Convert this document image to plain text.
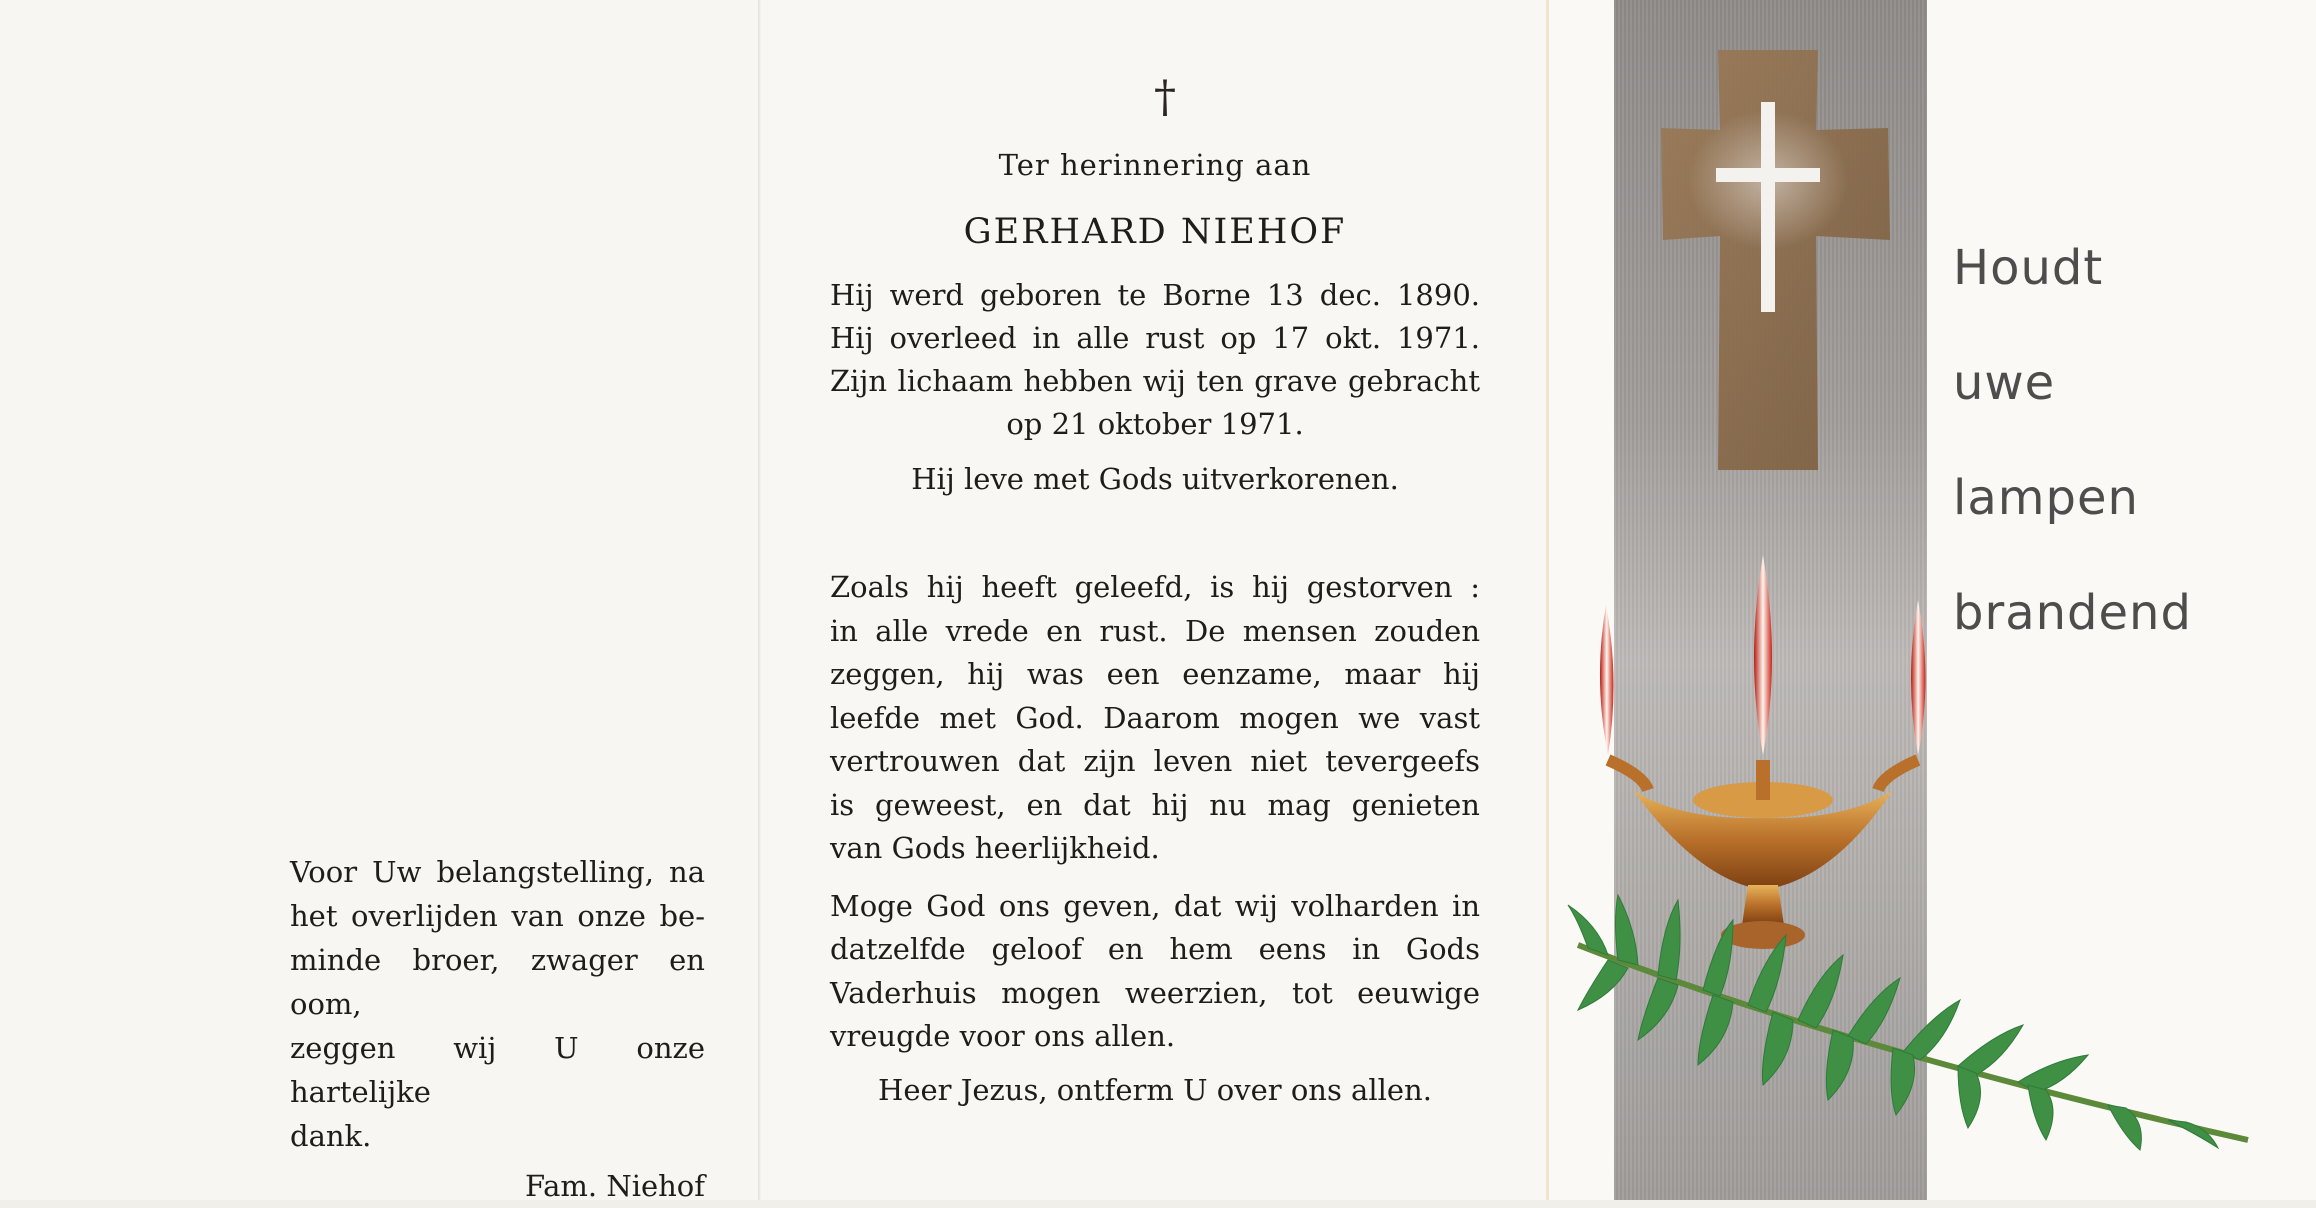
Voor Uw belangstelling, na
het overlijden van onze be-
minde broer, zwager en oom,
zeggen wij U onze hartelijke
dank.
Fam. Niehof
†
Ter herinnering aan
GERHARD NIEHOF
Hij werd geboren te Borne 13 dec. 1890.
Hij overleed in alle rust op 17 okt. 1971.
Zijn lichaam hebben wij ten grave gebracht
op 21 oktober 1971.
Hij leve met Gods uitverkorenen.
Zoals hij heeft geleefd, is hij gestorven :
in alle vrede en rust. De mensen zouden
zeggen, hij was een eenzame, maar hij
leefde met God. Daarom mogen we vast
vertrouwen dat zijn leven niet tevergeefs
is geweest, en dat hij nu mag genieten
van Gods heerlijkheid.
Moge God ons geven, dat wij volharden in
datzelfde geloof en hem eens in Gods
Vaderhuis mogen weerzien, tot eeuwige
vreugde voor ons allen.
Heer Jezus, ontferm U over ons allen.
Houdt
uwe
lampen
brandend
